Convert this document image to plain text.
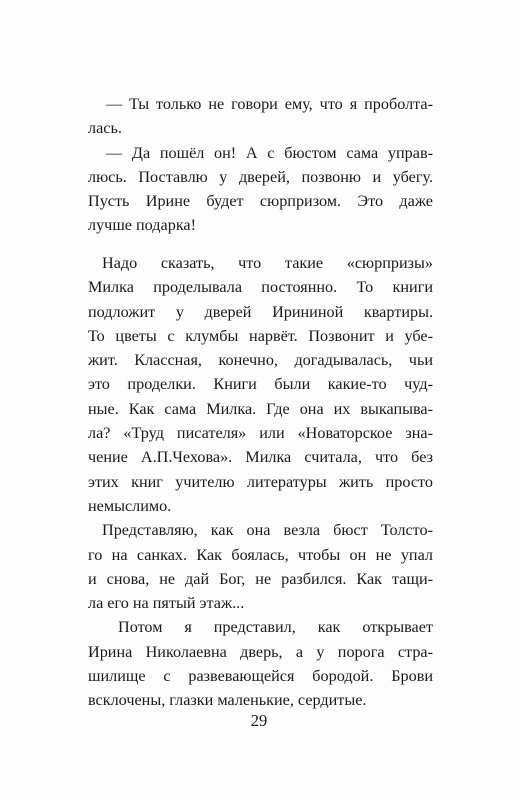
— Ты только не говори ему, что я проболта-
лась.
— Да пошёл он! А с бюстом сама управ-
люсь. Поставлю у дверей, позвоню и убегу.
Пусть Ирине будет сюрпризом. Это даже
лучше подарка!
Надо сказать, что такие «сюрпризы»
Милка проделывала постоянно. То книги
подложит у дверей Ирининой квартиры.
То цветы с клумбы нарвёт. Позвонит и убе-
жит. Классная, конечно, догадывалась, чьи
это проделки. Книги были какие-то чуд-
ные. Как сама Милка. Где она их выкапыва-
ла? «Труд писателя» или «Новаторское зна-
чение А.П.Чехова». Милка считала, что без
этих книг учителю литературы жить просто
немыслимо.
Представляю, как она везла бюст Толсто-
го на санках. Как боялась, чтобы он не упал
и снова, не дай Бог, не разбился. Как тащи-
ла его на пятый этаж...
Потом я представил, как открывает
Ирина Николаевна дверь, а у порога стра-
шилище с развевающейся бородой. Брови
всклочены, глазки маленькие, сердитые.
29
